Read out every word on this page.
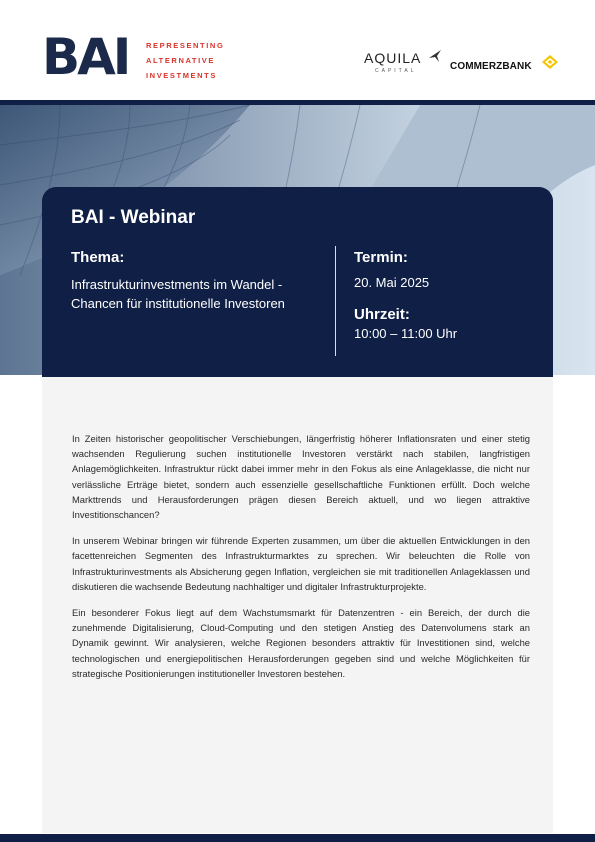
BAI REPRESENTING
ALTERNATIVE
INVESTMENTS
AQUILA
CAPITAL	COMMERZBANK
BAI - Webinar
Thema:
Infrastrukturinvestments im Wandel - Chancen für institutionelle Investoren
Termin:
20. Mai 2025
Uhrzeit:
10:00 – 11:00 Uhr

In Zeiten historischer geopolitischer Verschiebungen, längerfristig höherer Inflationsraten und einer stetig wachsenden Regulierung suchen institutionelle Investoren verstärkt nach stabilen, langfristigen Anlagemöglichkeiten. Infrastruktur rückt dabei immer mehr in den Fokus als eine Anlageklasse, die nicht nur verlässliche Erträge bietet, sondern auch essenzielle gesellschaftliche Funktionen erfüllt. Doch welche Markttrends und Herausforderungen prägen diesen Bereich aktuell, und wo liegen attraktive Investitionschancen?

In unserem Webinar bringen wir führende Experten zusammen, um über die aktuellen Entwicklungen in den facettenreichen Segmenten des Infrastrukturmarktes zu sprechen. Wir beleuchten die Rolle von Infrastrukturinvestments als Absicherung gegen Inflation, vergleichen sie mit traditionellen Anlageklassen und diskutieren die wachsende Bedeutung nachhaltiger und digitaler Infrastrukturprojekte.

Ein besonderer Fokus liegt auf dem Wachstumsmarkt für Datenzentren - ein Bereich, der durch die zunehmende Digitalisierung, Cloud-Computing und den stetigen Anstieg des Datenvolumens stark an Dynamik gewinnt. Wir analysieren, welche Regionen besonders attraktiv für Investitionen sind, welche technologischen und energiepolitischen Herausforderungen gegeben sind und welche Möglichkeiten für strategische Positionierungen institutioneller Investoren bestehen.
